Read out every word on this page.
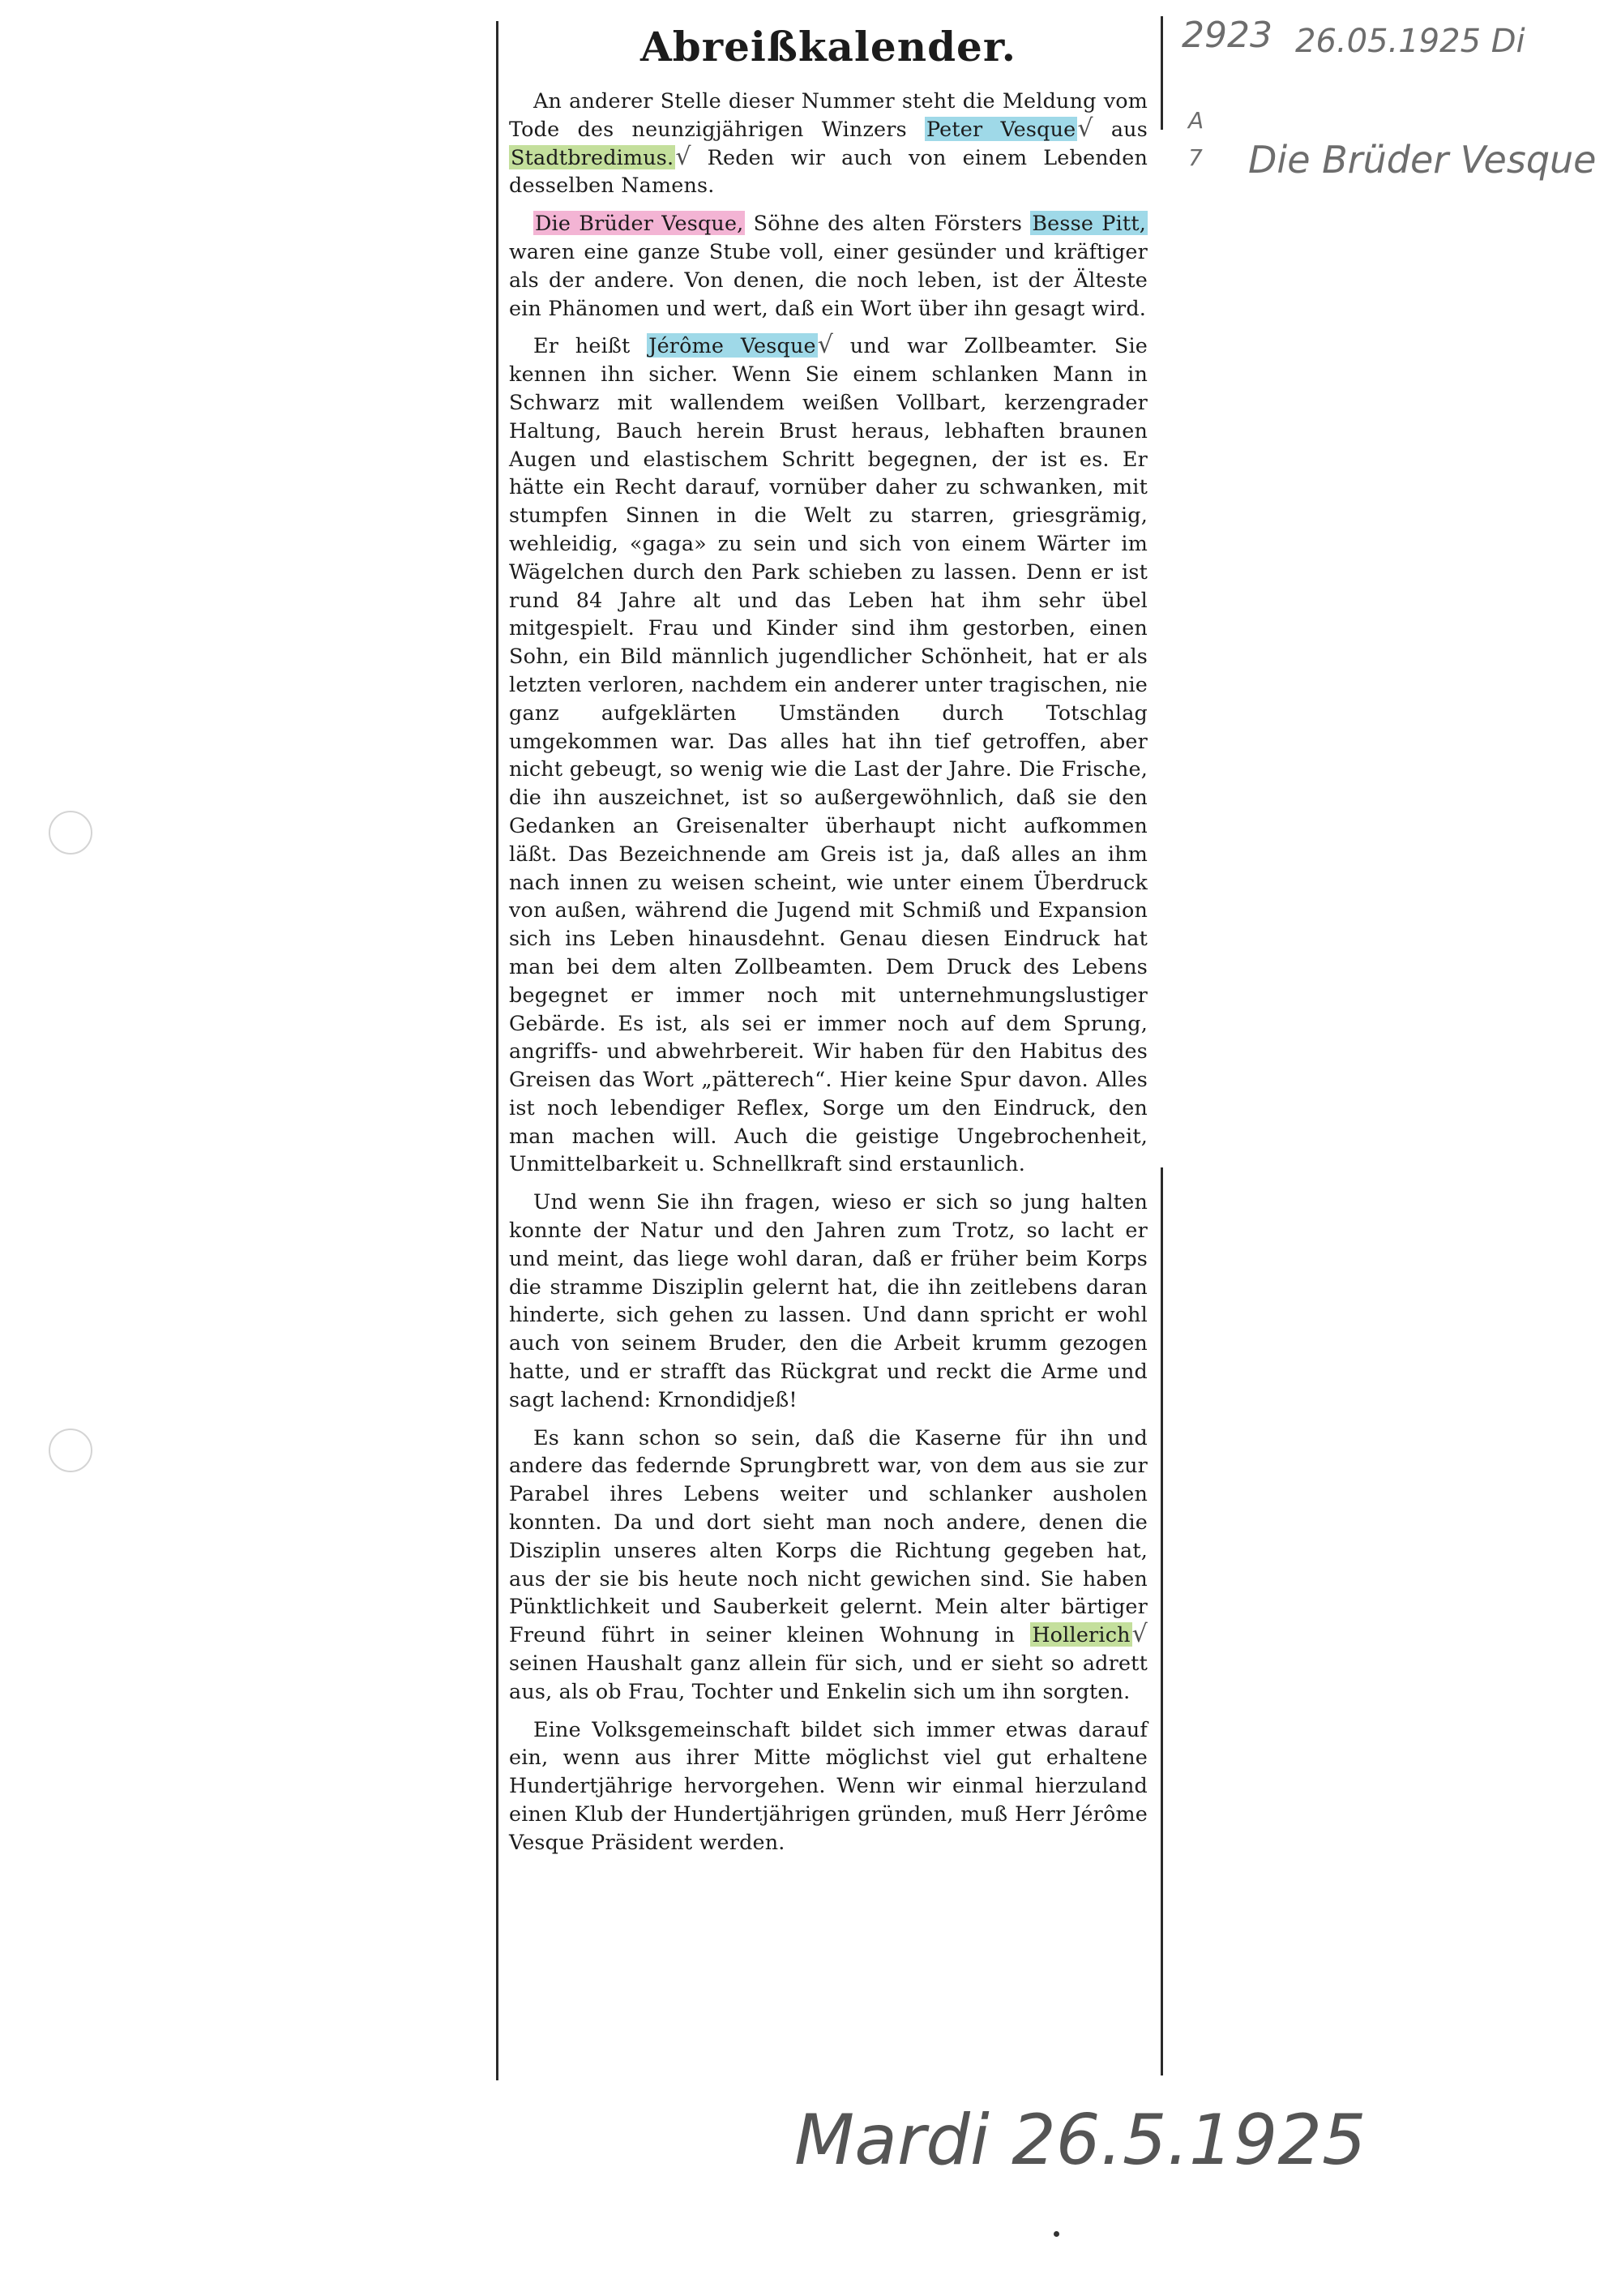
2923 26.05.1925 Di
A
7 Die Brüder Vesque
Mardi 26.5.1925
Abreißkalender.

An anderer Stelle dieser Nummer steht die Meldung vom Tode des neunzigjährigen Winzers Peter Vesque√ aus Stadtbredimus.√ Reden wir auch von einem Lebenden desselben Namens.

Die Brüder Vesque, Söhne des alten Försters Besse Pitt, waren eine ganze Stube voll, einer gesünder und kräftiger als der andere. Von denen, die noch leben, ist der Älteste ein Phänomen und wert, daß ein Wort über ihn gesagt wird.

Er heißt Jérôme Vesque√ und war Zollbeamter. Sie kennen ihn sicher. Wenn Sie einem schlanken Mann in Schwarz mit wallendem weißen Vollbart, kerzengrader Haltung, Bauch herein Brust heraus, lebhaften braunen Augen und elastischem Schritt begegnen, der ist es. Er hätte ein Recht darauf, vornüber daher zu schwanken, mit stumpfen Sinnen in die Welt zu starren, griesgrämig, wehleidig, «gaga» zu sein und sich von einem Wärter im Wägelchen durch den Park schieben zu lassen. Denn er ist rund 84 Jahre alt und das Leben hat ihm sehr übel mitgespielt. Frau und Kinder sind ihm gestorben, einen Sohn, ein Bild männlich jugendlicher Schönheit, hat er als letzten verloren, nachdem ein anderer unter tragischen, nie ganz aufgeklärten Umständen durch Totschlag umgekommen war. Das alles hat ihn tief getroffen, aber nicht gebeugt, so wenig wie die Last der Jahre. Die Frische, die ihn auszeichnet, ist so außergewöhnlich, daß sie den Gedanken an Greisenalter überhaupt nicht aufkommen läßt. Das Bezeichnende am Greis ist ja, daß alles an ihm nach innen zu weisen scheint, wie unter einem Überdruck von außen, während die Jugend mit Schmiß und Expansion sich ins Leben hinausdehnt. Genau diesen Eindruck hat man bei dem alten Zollbeamten. Dem Druck des Lebens begegnet er immer noch mit unternehmungslustiger Gebärde. Es ist, als sei er immer noch auf dem Sprung, angriffs- und abwehrbereit. Wir haben für den Habitus des Greisen das Wort „pätterech“. Hier keine Spur davon. Alles ist noch lebendiger Reflex, Sorge um den Eindruck, den man machen will. Auch die geistige Ungebrochenheit, Unmittelbarkeit u. Schnellkraft sind erstaunlich.

Und wenn Sie ihn fragen, wieso er sich so jung halten konnte der Natur und den Jahren zum Trotz, so lacht er und meint, das liege wohl daran, daß er früher beim Korps die stramme Disziplin gelernt hat, die ihn zeitlebens daran hinderte, sich gehen zu lassen. Und dann spricht er wohl auch von seinem Bruder, den die Arbeit krumm gezogen hatte, und er strafft das Rückgrat und reckt die Arme und sagt lachend: Krnondidjeß!

Es kann schon so sein, daß die Kaserne für ihn und andere das federnde Sprungbrett war, von dem aus sie zur Parabel ihres Lebens weiter und schlanker ausholen konnten. Da und dort sieht man noch andere, denen die Disziplin unseres alten Korps die Richtung gegeben hat, aus der sie bis heute noch nicht gewichen sind. Sie haben Pünktlichkeit und Sauberkeit gelernt. Mein alter bärtiger Freund führt in seiner kleinen Wohnung in Hollerich√ seinen Haushalt ganz allein für sich, und er sieht so adrett aus, als ob Frau, Tochter und Enkelin sich um ihn sorgten.

Eine Volksgemeinschaft bildet sich immer etwas darauf ein, wenn aus ihrer Mitte möglichst viel gut erhaltene Hundertjährige hervorgehen. Wenn wir einmal hierzuland einen Klub der Hundertjährigen gründen, muß Herr Jérôme Vesque Präsident werden.
